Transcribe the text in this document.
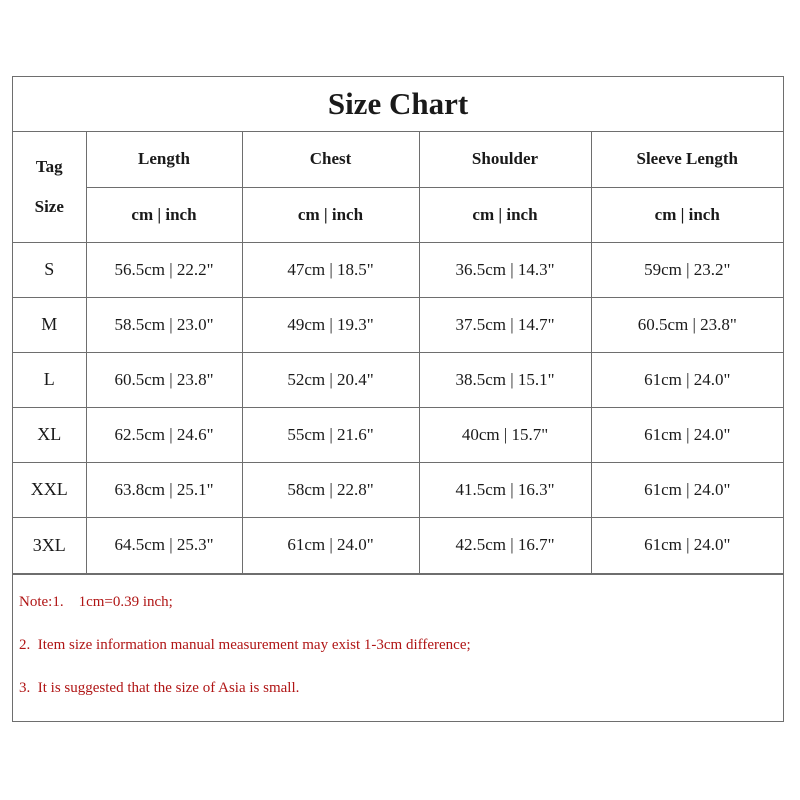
Size Chart
Tag
Size	Length	Chest	Shoulder	Sleeve Length
	cm | inch	cm | inch	cm | inch	cm | inch
S	56.5cm | 22.2"	47cm | 18.5"	36.5cm | 14.3"	59cm | 23.2"
M	58.5cm | 23.0"	49cm | 19.3"	37.5cm | 14.7"	60.5cm | 23.8"
L	60.5cm | 23.8"	52cm | 20.4"	38.5cm | 15.1"	61cm | 24.0"
XL	62.5cm | 24.6"	55cm | 21.6"	40cm | 15.7"	61cm | 24.0"
XXL	63.8cm | 25.1"	58cm | 22.8"	41.5cm | 16.3"	61cm | 24.0"
3XL	64.5cm | 25.3"	61cm | 24.0"	42.5cm | 16.7"	61cm | 24.0"
Note:1.    1cm=0.39 inch;
2.  Item size information manual measurement may exist 1-3cm difference;
3.  It is suggested that the size of Asia is small.
